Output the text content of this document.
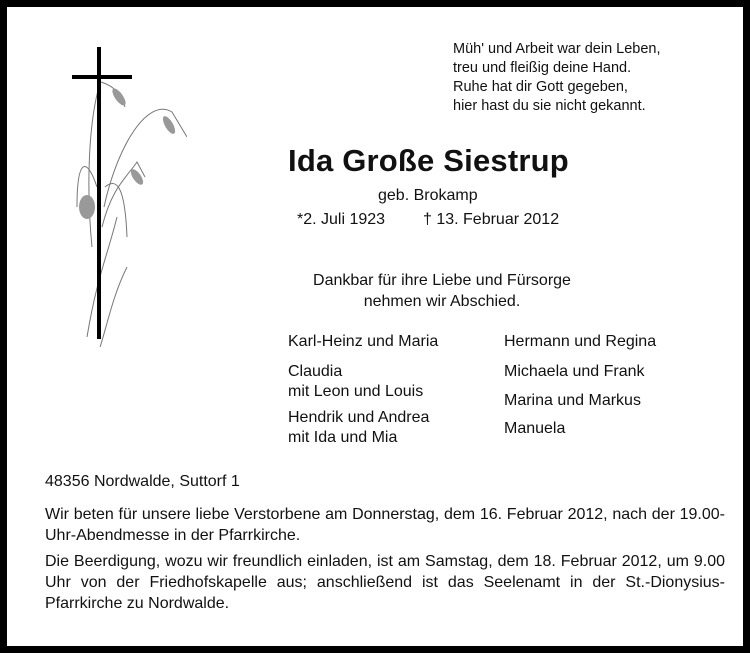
Müh' und Arbeit war dein Leben,
treu und fleißig deine Hand.
Ruhe hat dir Gott gegeben,
hier hast du sie nicht gekannt.
Ida Große Siestrup
geb. Brokamp
*2. Juli 1923 † 13. Februar 2012
Dankbar für ihre Liebe und Fürsorge
nehmen wir Abschied.
Karl-Heinz und Maria
Claudia
mit Leon und Louis
Hendrik und Andrea
mit Ida und Mia
Hermann und Regina
Michaela und Frank
Marina und Markus
Manuela
48356 Nordwalde, Suttorf 1
Wir beten für unsere liebe Verstorbene am Donnerstag, dem 16. Februar 2012, nach der 19.00-Uhr-Abendmesse in der Pfarrkirche.
Die Beerdigung, wozu wir freundlich einladen, ist am Samstag, dem 18. Februar 2012, um 9.00 Uhr von der Friedhofskapelle aus; anschließend ist das Seelenamt in der St.-Dionysius-Pfarrkirche zu Nordwalde.
